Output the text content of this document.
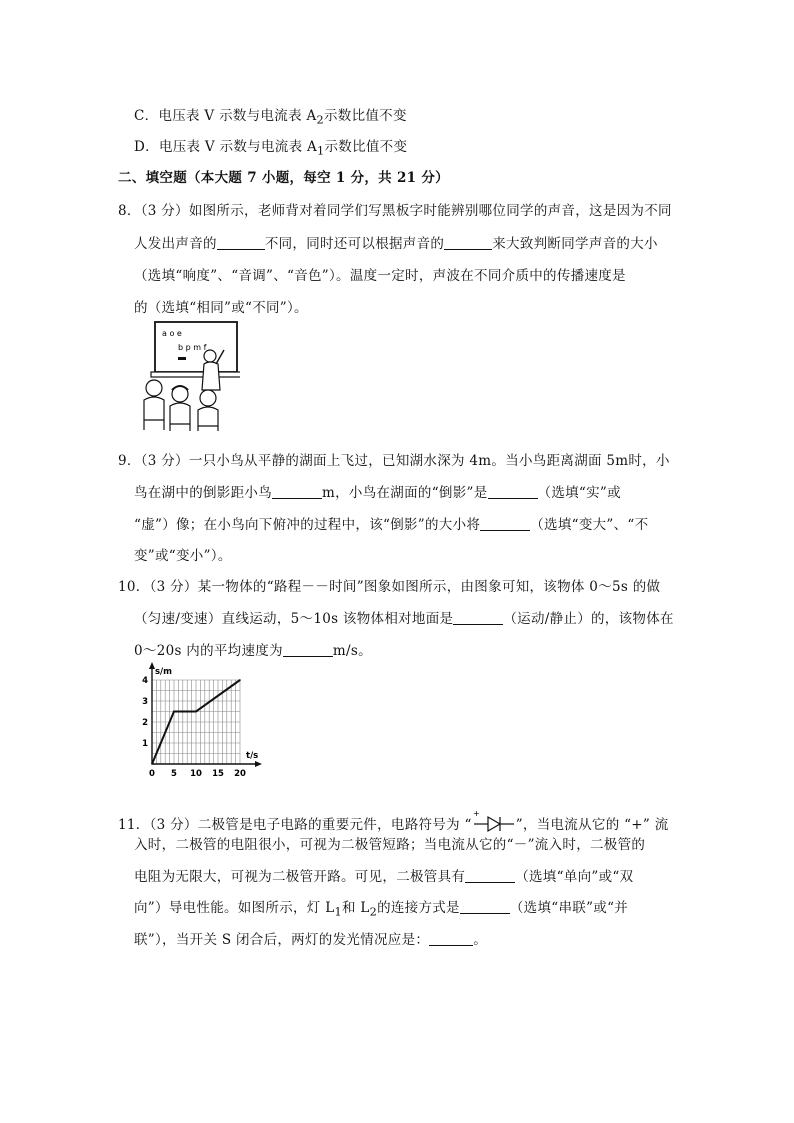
C．电压表 V 示数与电流表 $A_2$示数比值不变
D．电压表 V 示数与电流表 $A_1$示数比值不变
二、填空题（本大题 7 小题，每空 1 分，共 21 分）
8．（3 分）如图所示，老师背对着同学们写黑板字时能辨别哪位同学的声音，这是因为不同
人发出声音的	不同，同时还可以根据声音的	来大致判断同学声音的大小
（选填“响度”、“音调”、“音色”）。温度一定时，声波在不同介质中的传播速度是
的（选填“相同”或“不同”）。
a o e
b p m f
9．（3 分）一只小鸟从平静的湖面上飞过，已知湖水深为 4m。当小鸟距离湖面 5m时，小
鸟在湖中的倒影距小鸟	m，小鸟在湖面的“倒影”是	（选填“实”或
“虚”）像；在小鸟向下俯冲的过程中，该“倒影”的大小将	（选填“变大”、“不
变”或“变小”）。
10．（3 分）某一物体的“路程－－时间”图象如图所示，由图象可知，该物体 0～5s 的做
（匀速/变速）直线运动，5～10s 该物体相对地面是	（运动/静止）的，该物体在
0～20s 内的平均速度为	m/s。
0 5 10 15 20
1
2
3
4
t/s
s/m
11．（3 分）二极管是电子电路的重要元件，电路符号为 “
+
”，当电流从它的 “+” 流
入时，二极管的电阻很小，可视为二极管短路；当电流从它的“－”流入时，二极管的
电阻为无限大，可视为二极管开路。可见，二极管具有	（选填“单向”或“双
向”）导电性能。如图所示，灯 $L_1$和 $L_2$的连接方式是	（选填“串联”或“并
联”），当开关 S 闭合后，两灯的发光情况应是：	。
